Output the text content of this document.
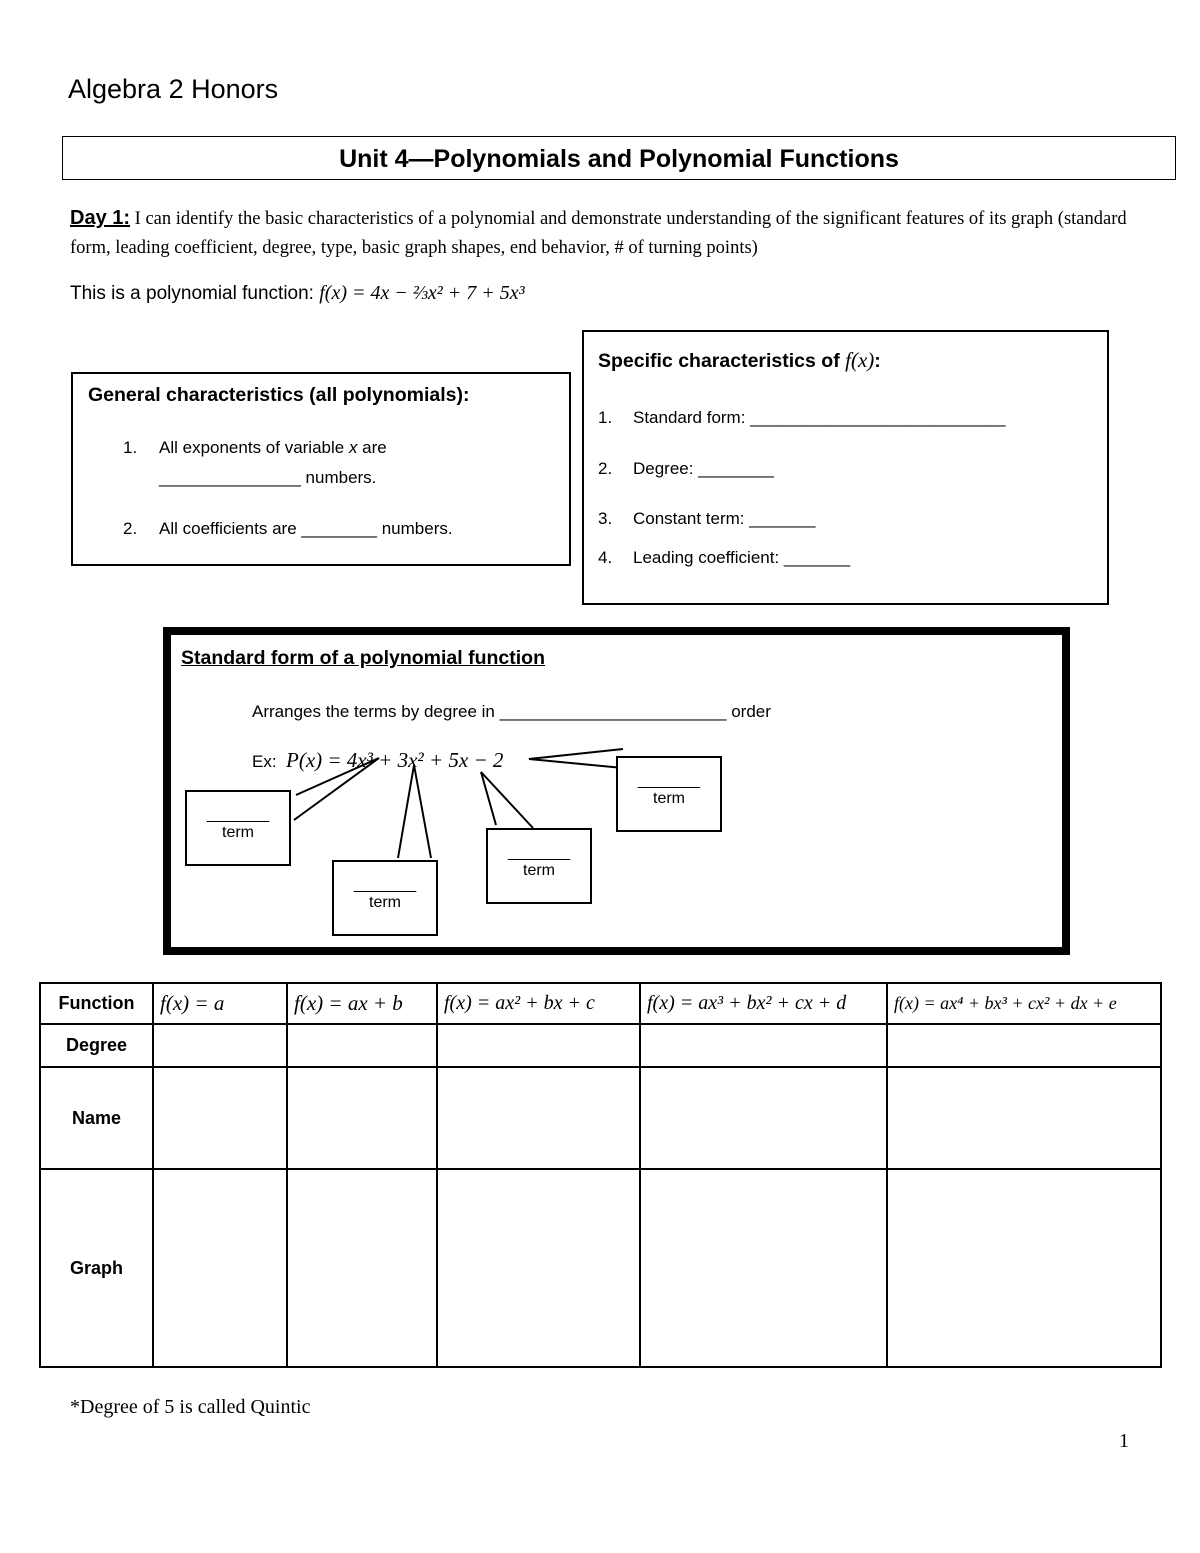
Algebra 2 Honors
Unit 4—Polynomials and Polynomial Functions
Day 1: I can identify the basic characteristics of a polynomial and demonstrate understanding of the significant features of its graph (standard form, leading coefficient, degree, type, basic graph shapes, end behavior, # of turning points)
This is a polynomial function: f(x) = 4x − ⅔x² + 7 + 5x³
General characteristics (all polynomials):
1. All exponents of variable x are
_______________ numbers.
2. All coefficients are ________ numbers.
Specific characteristics of f(x):
1. Standard form: ___________________________
2. Degree: ________
3. Constant term: _______
4. Leading coefficient: _______
Standard form of a polynomial function
Arranges the terms by degree in ________________________ order
Ex: P(x) = 4x³ + 3x² + 5x − 2
_______
term
_______
term
_______
term
_______
term
Function	f(x) = a	f(x) = ax + b	f(x) = ax² + bx + c	f(x) = ax³ + bx² + cx + d	f(x) = ax⁴ + bx³ + cx² + dx + e
Degree					
Name					
Graph					
*Degree of 5 is called Quintic
1
